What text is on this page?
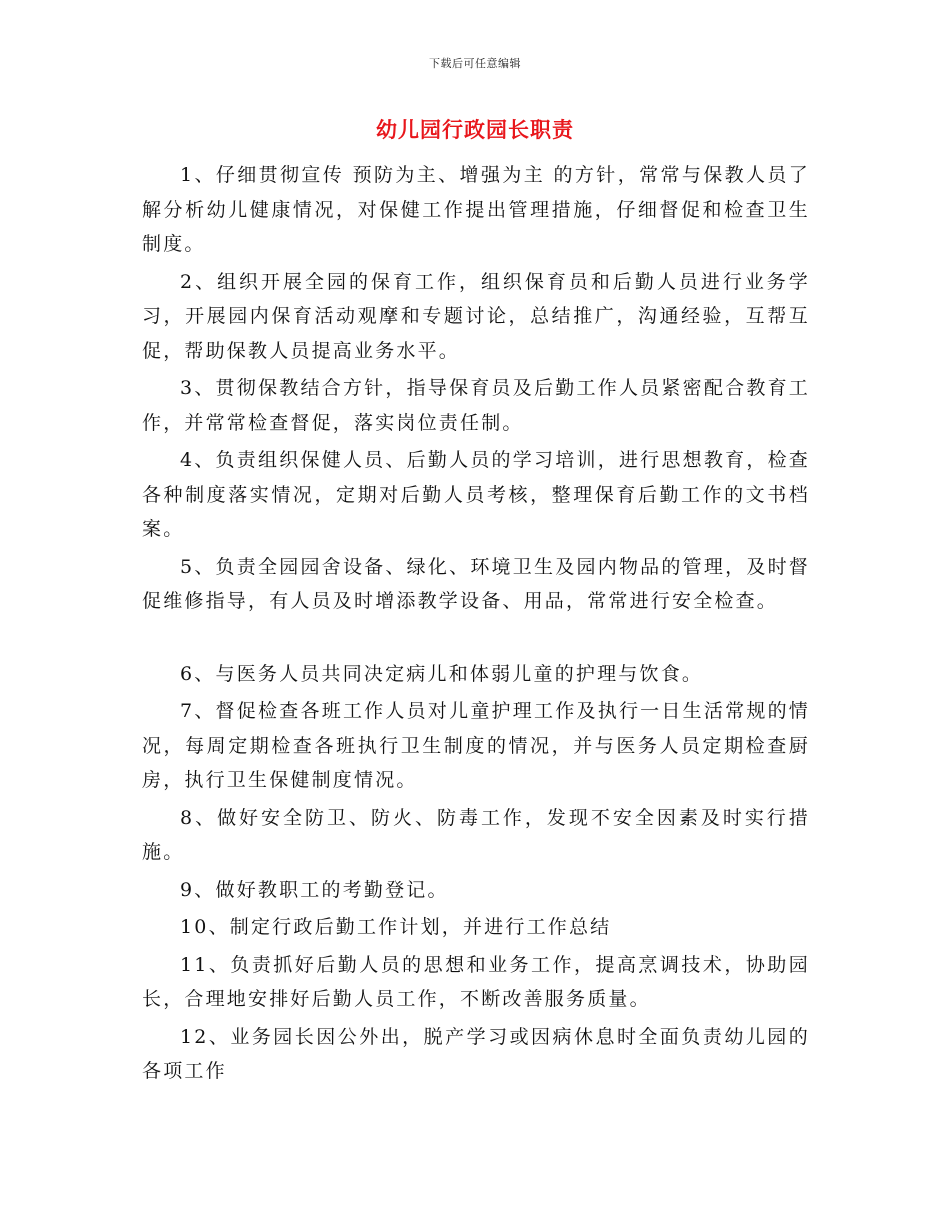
下载后可任意编辑
幼儿园行政园长职责

1、仔细贯彻宣传 预防为主、增强为主 的方针，常常与保教人员了解分析幼儿健康情况，对保健工作提出管理措施，仔细督促和检查卫生制度。

2、组织开展全园的保育工作，组织保育员和后勤人员进行业务学习，开展园内保育活动观摩和专题讨论，总结推广，沟通经验，互帮互促，帮助保教人员提高业务水平。

3、贯彻保教结合方针，指导保育员及后勤工作人员紧密配合教育工作，并常常检查督促，落实岗位责任制。

4、负责组织保健人员、后勤人员的学习培训，进行思想教育，检查各种制度落实情况，定期对后勤人员考核，整理保育后勤工作的文书档案。

5、负责全园园舍设备、绿化、环境卫生及园内物品的管理，及时督促维修指导，有人员及时增添教学设备、用品，常常进行安全检查。

6、与医务人员共同决定病儿和体弱儿童的护理与饮食。

7、督促检查各班工作人员对儿童护理工作及执行一日生活常规的情况，每周定期检查各班执行卫生制度的情况，并与医务人员定期检查厨房，执行卫生保健制度情况。

8、做好安全防卫、防火、防毒工作，发现不安全因素及时实行措施。

9、做好教职工的考勤登记。

10、制定行政后勤工作计划，并进行工作总结

11、负责抓好后勤人员的思想和业务工作，提高烹调技术，协助园长，合理地安排好后勤人员工作，不断改善服务质量。

12、业务园长因公外出，脱产学习或因病休息时全面负责幼儿园的各项工作
